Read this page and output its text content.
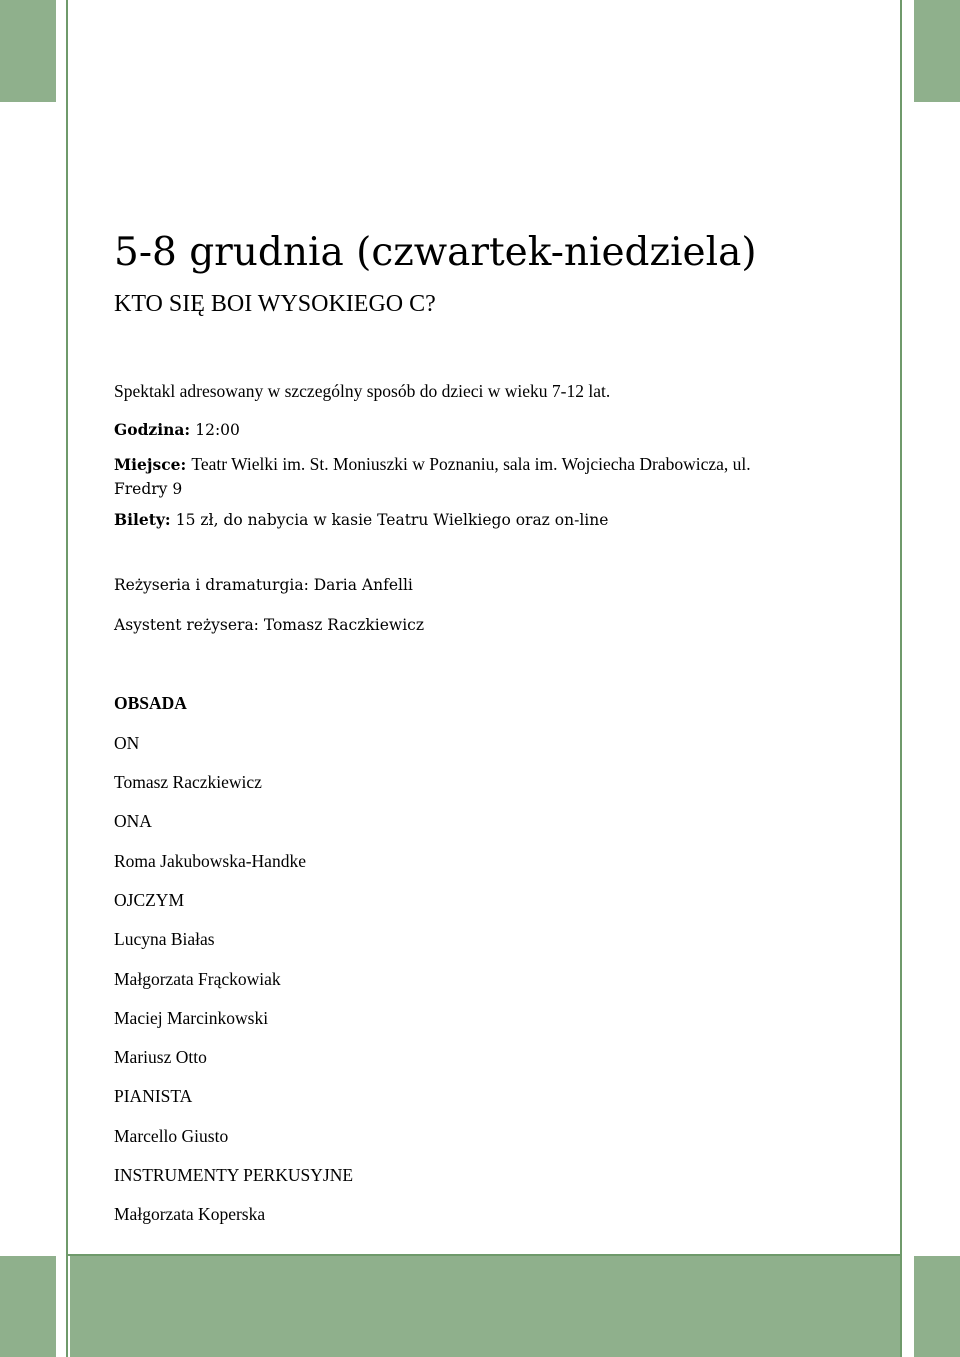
5-8 grudnia (czwartek-niedziela)
KTO SIĘ BOI WYSOKIEGO C?
Spektakl adresowany w szczególny sposób do dzieci w wieku 7-12 lat.
Godzina: 12:00
Miejsce: Teatr Wielki im. St. Moniuszki w Poznaniu, sala im. Wojciecha Drabowicza, ul.
Fredry 9
Bilety: 15 zł, do nabycia w kasie Teatru Wielkiego oraz on-line
Reżyseria i dramaturgia: Daria Anfelli
Asystent reżysera: Tomasz Raczkiewicz
OBSADA
ON
Tomasz Raczkiewicz
ONA
Roma Jakubowska-Handke
OJCZYM
Lucyna Białas
Małgorzata Frąckowiak
Maciej Marcinkowski
Mariusz Otto
PIANISTA
Marcello Giusto
INSTRUMENTY PERKUSYJNE
Małgorzata Koperska
